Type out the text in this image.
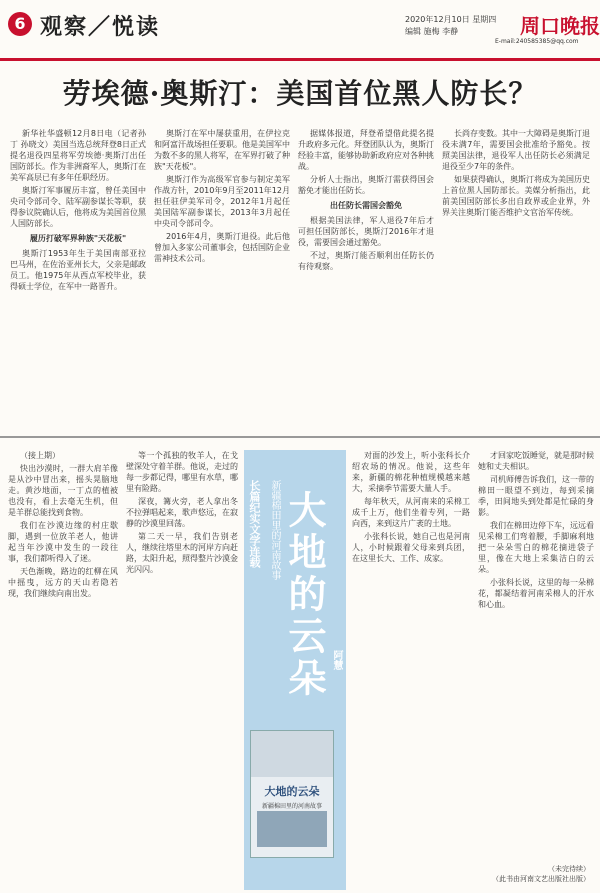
6 观察／悦读	2020年12月10日 星期四
编辑 施梅 李静	周口晚报
E-mail:240585385@qq.com
劳埃德·奥斯汀：美国首位黑人防长？

新华社华盛顿12月8日电（记者孙丁 孙晓文）美国当选总统拜登8日正式提名退役四星将军劳埃德·奥斯汀出任国防部长。作为非洲裔军人，奥斯汀在美军高层已有多年任职经历。

奥斯汀军事履历丰富，曾任美国中央司令部司令、陆军副参谋长等职，获得参议院确认后，他将成为美国首位黑人国防部长。

履历打破军界种族"天花板"

奥斯汀1953年生于美国南部亚拉巴马州，在佐治亚州长大，父亲是邮政员工。他1975年从西点军校毕业，获得硕士学位，在军中一路晋升。

奥斯汀在军中屡获重用，在伊拉克和阿富汗战场担任要职。他是美国军中为数不多的黑人将军，在军界打破了种族"天花板"。

奥斯汀作为高级军官参与制定美军作战方针，2010年9月至2011年12月担任驻伊美军司令，2012年1月起任美国陆军副参谋长，2013年3月起任中央司令部司令。

2016年4月，奥斯汀退役。此后他曾加入多家公司董事会，包括国防企业雷神技术公司。

据媒体报道，拜登希望借此提名提升政府多元化。拜登团队认为，奥斯汀经验丰富，能够协助新政府应对各种挑战。

分析人士指出，奥斯汀需获得国会豁免才能出任防长。

出任防长需国会豁免

根据美国法律，军人退役7年后才可担任国防部长，奥斯汀2016年才退役，需要国会通过豁免。

不过，奥斯汀能否顺利出任防长仍有待观察。

长尚存变数。其中一大障碍是奥斯汀退役未满7年，需要国会批准给予豁免。按照美国法律，退役军人出任防长必须满足退役至少7年的条件。

如果获得确认，奥斯汀将成为美国历史上首位黑人国防部长。美媒分析指出，此前美国国防部长多出自政界或企业界，外界关注奥斯汀能否维护文官治军传统。

（接上期）

快出沙漠时，一群大肩羊像是从沙中冒出来，摇头晃脑地走。黄沙地面，一丁点的植被也没有，看上去毫无生机，但是羊群总能找到食物。

我们在沙漠边缘的村庄歇脚，遇到一位放羊老人，他讲起当年沙漠中发生的一段往事，我们都听得入了迷。

天色渐晚，路边的红柳在风中摇曳，远方的天山若隐若现，我们继续向南出发。

等一个孤独的牧羊人，在戈壁深处守着羊群。他说，走过的每一步都记得，哪里有水草，哪里有险路。

深夜，篝火旁，老人拿出冬不拉弹唱起来，歌声悠远，在寂静的沙漠里回荡。

第二天一早，我们告别老人，继续往塔里木的河岸方向赶路，太阳升起，照得整片沙漠金光闪闪。

长篇纪实文学连载 新疆棉田里的河南故事 大地的云朵 阿慧
大地的云朵
新疆棉田里的河南故事

对面的沙发上，听小张科长介绍农场的情况。他说，这些年来，新疆的棉花种植规模越来越大，采摘季节需要大量人手。

每年秋天，从河南来的采棉工成千上万，他们坐着专列，一路向西，来到这片广袤的土地。

小张科长说，她自己也是河南人，小时候跟着父母来到兵团，在这里长大、工作、成家。

才回家吃饭睡觉，就是那时候她和丈夫相识。

司机师傅告诉我们，这一带的棉田一眼望不到边，每到采摘季，田间地头到处都是忙碌的身影。

我们在棉田边停下车，远远看见采棉工们弯着腰，手脚麻利地把一朵朵雪白的棉花摘进袋子里，像在大地上采集洁白的云朵。

小张科长说，这里的每一朵棉花，都凝结着河南采棉人的汗水和心血。

（未完待续）
（此书由河南文艺出版社出版）
